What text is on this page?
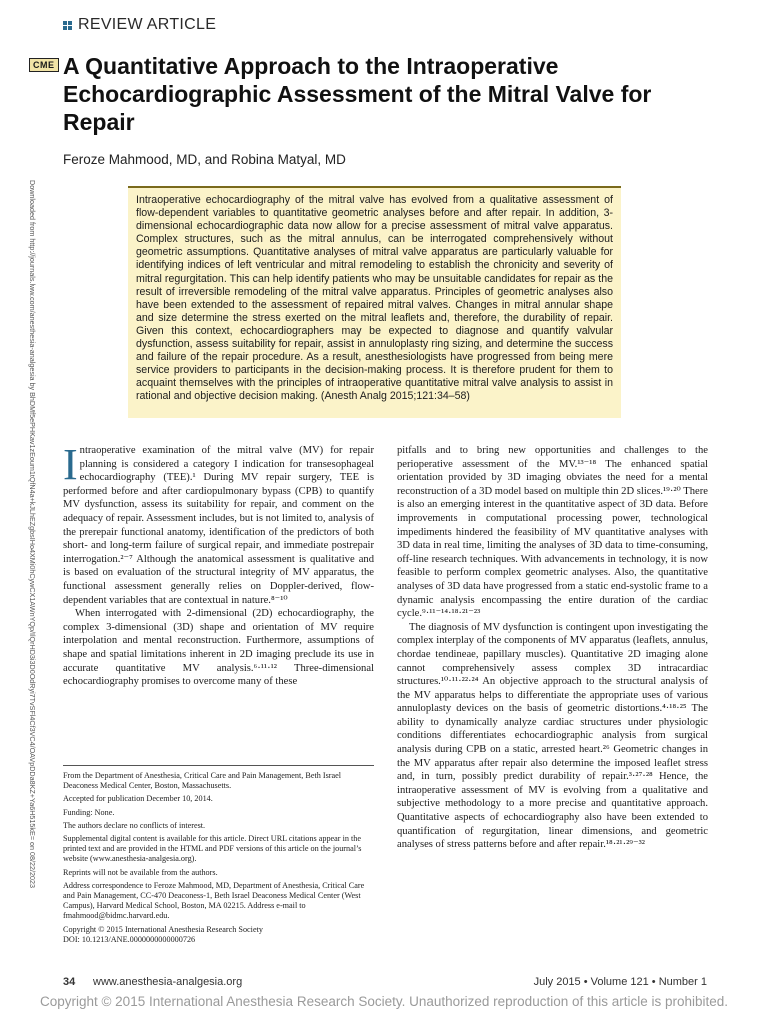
REVIEW ARTICLE
CME A Quantitative Approach to the Intraoperative Echocardiographic Assessment of the Mitral Valve for Repair
Feroze Mahmood, MD, and Robina Matyal, MD
Downloaded from http://journals.lww.com/anesthesia-analgesia by BhDMf5ePHKav1zEoum1tQfN4a+kJLhEZgbsIHo4XMi0hCywCX1AWnYQp/IlQrHD3i3D0OdRyi7TvSFl4Cf3VC4/OAVpDDa8KZ+Ya6H515kE= on 08/22/2023	Intraoperative echocardiography of the mitral valve has evolved from a qualitative assessment of flow-dependent variables to quantitative geometric analyses before and after repair. In addition, 3-dimensional echocardiographic data now allow for a precise assessment of mitral valve apparatus. Complex structures, such as the mitral annulus, can be interrogated comprehensively without geometric assumptions. Quantitative analyses of mitral valve apparatus are particularly valuable for identifying indices of left ventricular and mitral remodeling to establish the chronicity and severity of mitral regurgitation. This can help identify patients who may be unsuitable candidates for repair as the result of irreversible remodeling of the mitral valve apparatus. Principles of geometric analyses also have been extended to the assessment of repaired mitral valves. Changes in mitral annular shape and size determine the stress exerted on the mitral leaflets and, therefore, the durability of repair. Given this context, echocardiographers may be expected to diagnose and quantify valvular dysfunction, assess suitability for repair, assist in annuloplasty ring sizing, and determine the success and failure of the repair procedure. As a result, anesthesiologists have progressed from being mere service providers to participants in the decision-making process. It is therefore prudent for them to acquaint themselves with the principles of intraoperative quantitative mitral valve analysis to assist in rational and objective decision making. (Anesth Analg 2015;121:34–58)

Intraoperative examination of the mitral valve (MV) for repair planning is considered a category I indication for transesophageal echocardiography (TEE).¹ During MV repair surgery, TEE is performed before and after cardiopulmonary bypass (CPB) to quantify MV dysfunction, assess its suitability for repair, and comment on the adequacy of repair. Assessment includes, but is not limited to, analysis of the prerepair functional anatomy, identification of the predictors of both short- and long-term failure of surgical repair, and immediate postrepair interrogation.²⁻⁷ Although the anatomical assessment is qualitative and is based on evaluation of the structural integrity of MV apparatus, the functional assessment generally relies on Doppler-derived, flow-dependent variables that are contextual in nature.⁸⁻¹⁰

When interrogated with 2-dimensional (2D) echocardiography, the complex 3-dimensional (3D) shape and orientation of MV require interpolation and mental reconstruction. Furthermore, assumptions of shape and spatial limitations inherent in 2D imaging preclude its use in accurate quantitative MV analysis.⁶·¹¹·¹² Three-dimensional echocardiography promises to overcome many of these

pitfalls and to bring new opportunities and challenges to the perioperative assessment of the MV.¹³⁻¹⁸ The enhanced spatial orientation provided by 3D imaging obviates the need for a mental reconstruction of a 3D model based on multiple thin 2D slices.¹⁹·²⁰ There is also an emerging interest in the quantitative aspect of 3D data. Before improvements in computational processing power, technological impediments hindered the feasibility of MV quantitative analyses with 3D data in real time, limiting the analyses of 3D data to time-consuming, off-line research techniques. With advancements in technology, it is now feasible to perform complex geometric analyses. Also, the quantitative analyses of 3D data have progressed from a static end-systolic frame to a dynamic analysis encompassing the entire duration of the cardiac cycle.⁹·¹¹⁻¹⁴·¹⁸·²¹⁻²³

The diagnosis of MV dysfunction is contingent upon investigating the complex interplay of the components of MV apparatus (leaflets, annulus, chordae tendineae, papillary muscles). Quantitative 2D imaging alone cannot comprehensively assess complex 3D intracardiac structures.¹⁰·¹¹·²²·²⁴ An objective approach to the structural analysis of the MV apparatus helps to differentiate the appropriate uses of various annuloplasty devices on the basis of geometric distortions.⁴·¹⁸·²⁵ The ability to dynamically analyze cardiac structures under physiologic conditions differentiates echocardiographic analysis from surgical analysis during CPB on a static, arrested heart.²⁶ Geometric changes in the MV apparatus after repair also determine the imposed leaflet stress and, in turn, possibly predict durability of repair.³·²⁷·²⁸ Hence, the intraoperative assessment of MV is evolving from a qualitative and subjective methodology to a more precise and quantitative approach. Quantitative aspects of echocardiography also have been extended to quantification of regurgitation, linear dimensions, and geometric analyses of stress patterns before and after repair.¹⁸·²¹·²⁹⁻³²

From the Department of Anesthesia, Critical Care and Pain Management, Beth Israel Deaconess Medical Center, Boston, Massachusetts.

Accepted for publication December 10, 2014.

Funding: None.

The authors declare no conflicts of interest.

Supplemental digital content is available for this article. Direct URL citations appear in the printed text and are provided in the HTML and PDF versions of this article on the journal’s website (www.anesthesia-analgesia.org).

Reprints will not be available from the authors.

Address correspondence to Feroze Mahmood, MD, Department of Anesthesia, Critical Care and Pain Management, CC-470 Deaconess-1, Beth Israel Deaconess Medical Center (West Campus), Harvard Medical School, Boston, MA 02215. Address e-mail to fmahmood@bidmc.harvard.edu.

Copyright © 2015 International Anesthesia Research Society

DOI: 10.1213/ANE.0000000000000726

34 www.anesthesia-analgesia.org	July 2015 • Volume 121 • Number 1
Copyright © 2015 International Anesthesia Research Society. Unauthorized reproduction of this article is prohibited.
